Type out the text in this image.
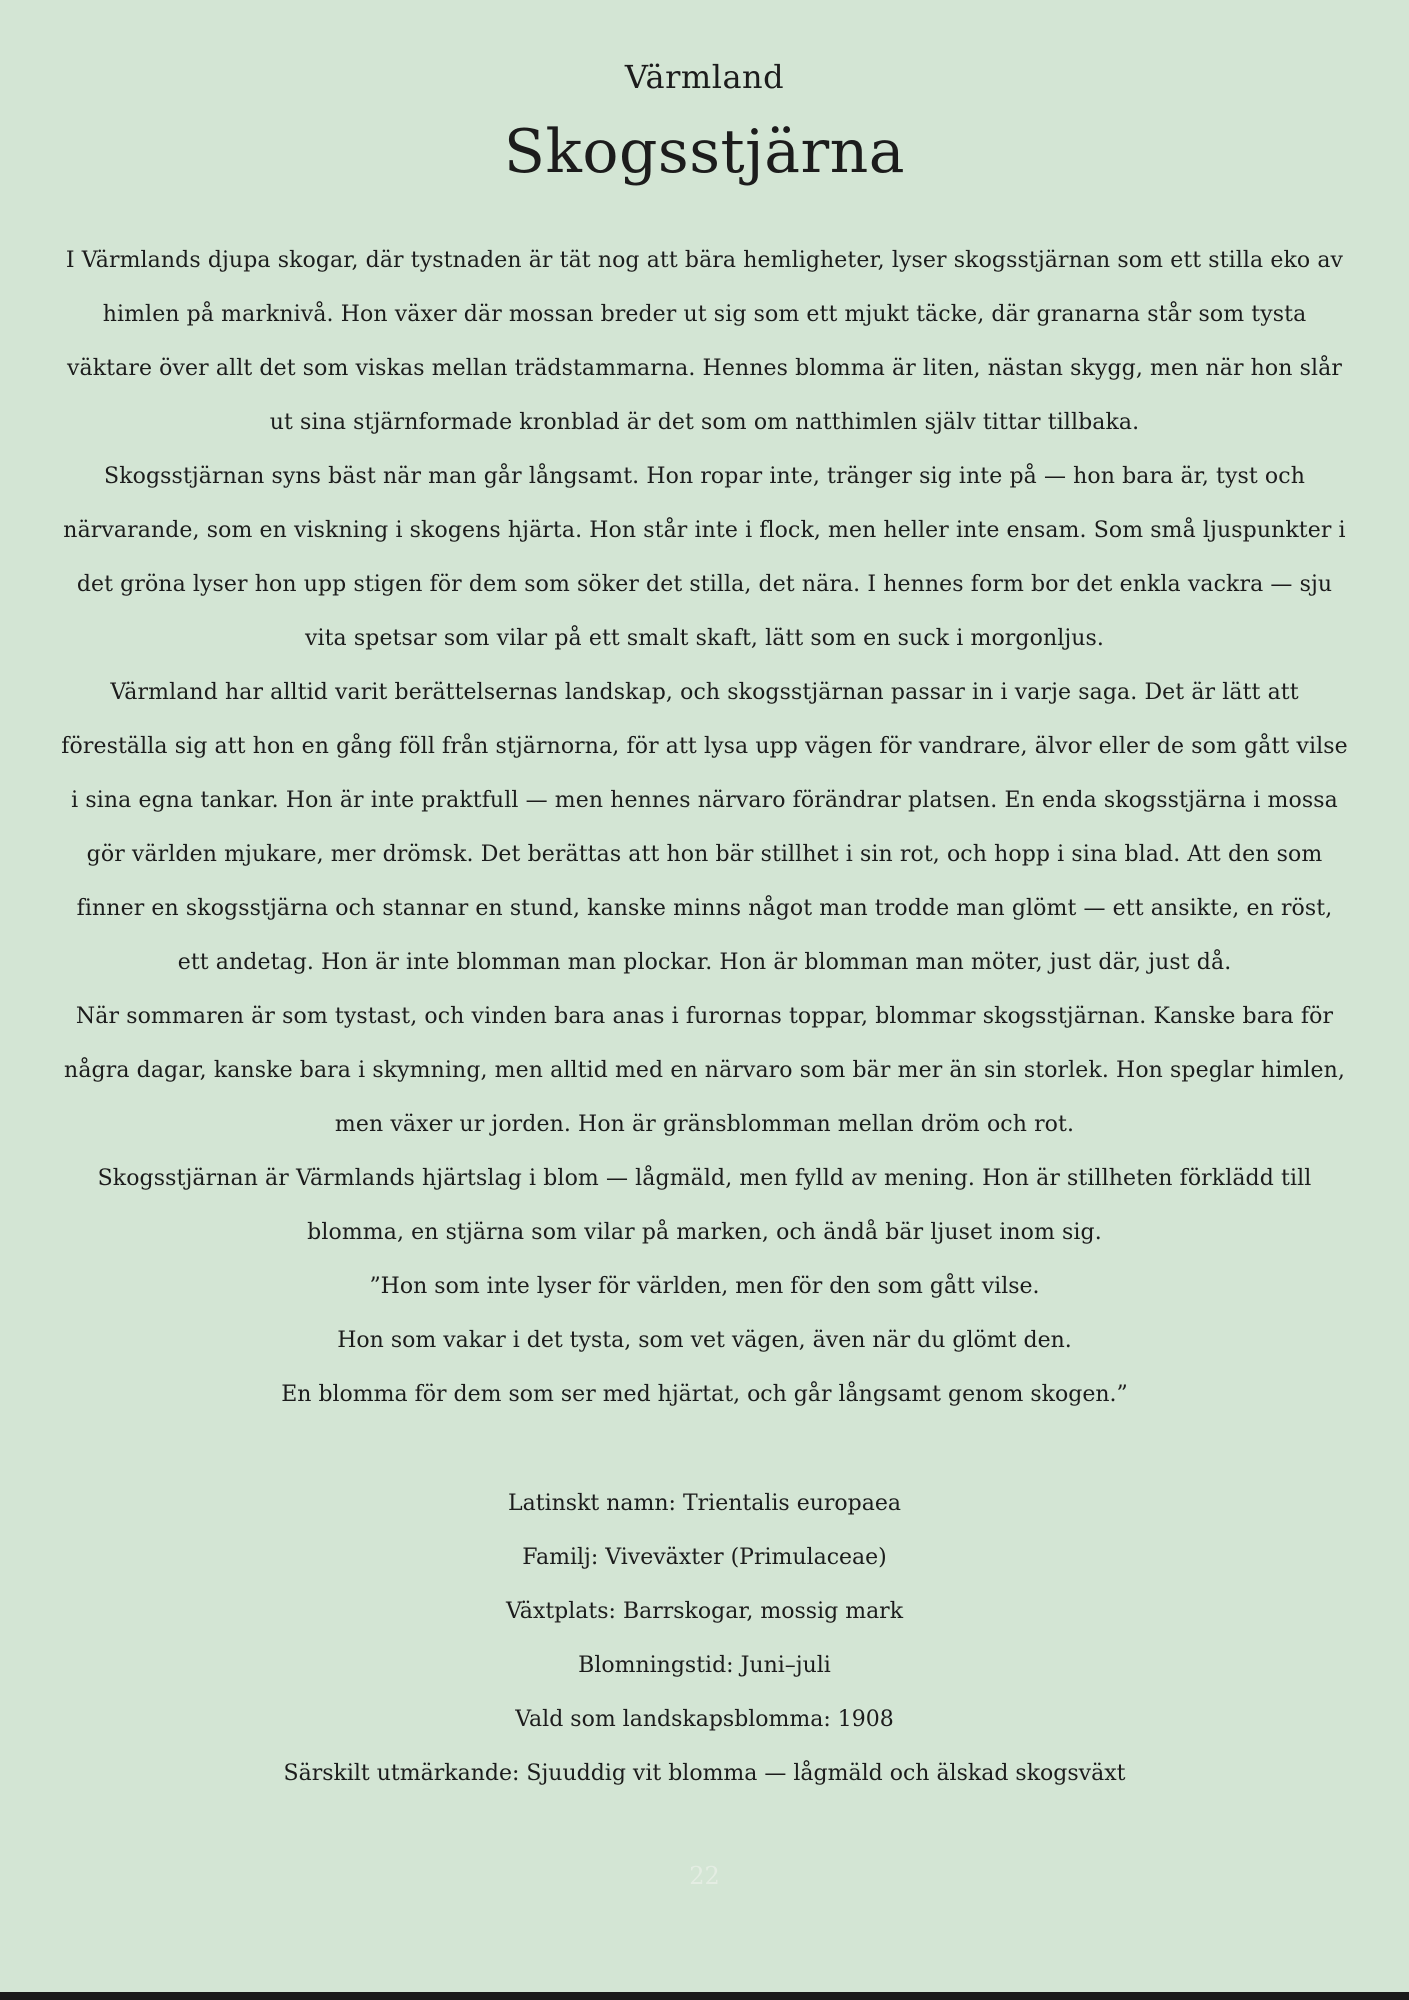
Värmland
Skogsstjärna

I Värmlands djupa skogar, där tystnaden är tät nog att bära hemligheter, lyser skogsstjärnan som ett stilla eko av himlen på marknivå. Hon växer där mossan breder ut sig som ett mjukt täcke, där granarna står som tysta väktare över allt det som viskas mellan trädstammarna. Hennes blomma är liten, nästan skygg, men när hon slår ut sina stjärnformade kronblad är det som om natthimlen själv tittar tillbaka.

Skogsstjärnan syns bäst när man går långsamt. Hon ropar inte, tränger sig inte på — hon bara är, tyst och närvarande, som en viskning i skogens hjärta. Hon står inte i flock, men heller inte ensam. Som små ljuspunkter i det gröna lyser hon upp stigen för dem som söker det stilla, det nära. I hennes form bor det enkla vackra — sju vita spetsar som vilar på ett smalt skaft, lätt som en suck i morgonljus.

Värmland har alltid varit berättelsernas landskap, och skogsstjärnan passar in i varje saga. Det är lätt att föreställa sig att hon en gång föll från stjärnorna, för att lysa upp vägen för vandrare, älvor eller de som gått vilse i sina egna tankar. Hon är inte praktfull — men hennes närvaro förändrar platsen. En enda skogsstjärna i mossa gör världen mjukare, mer drömsk. Det berättas att hon bär stillhet i sin rot, och hopp i sina blad. Att den som finner en skogsstjärna och stannar en stund, kanske minns något man trodde man glömt — ett ansikte, en röst, ett andetag. Hon är inte blomman man plockar. Hon är blomman man möter, just där, just då.

När sommaren är som tystast, och vinden bara anas i furornas toppar, blommar skogsstjärnan. Kanske bara för några dagar, kanske bara i skymning, men alltid med en närvaro som bär mer än sin storlek. Hon speglar himlen, men växer ur jorden. Hon är gränsblomman mellan dröm och rot.

Skogsstjärnan är Värmlands hjärtslag i blom — lågmäld, men fylld av mening. Hon är stillheten förklädd till blomma, en stjärna som vilar på marken, och ändå bär ljuset inom sig.

”Hon som inte lyser för världen, men för den som gått vilse.

Hon som vakar i det tysta, som vet vägen, även när du glömt den.

En blomma för dem som ser med hjärtat, och går långsamt genom skogen.”

Latinskt namn: Trientalis europaea

Familj: Viveväxter (Primulaceae)

Växtplats: Barrskogar, mossig mark

Blomningstid: Juni–juli

Vald som landskapsblomma: 1908

Särskilt utmärkande: Sjuuddig vit blomma — lågmäld och älskad skogsväxt

22
